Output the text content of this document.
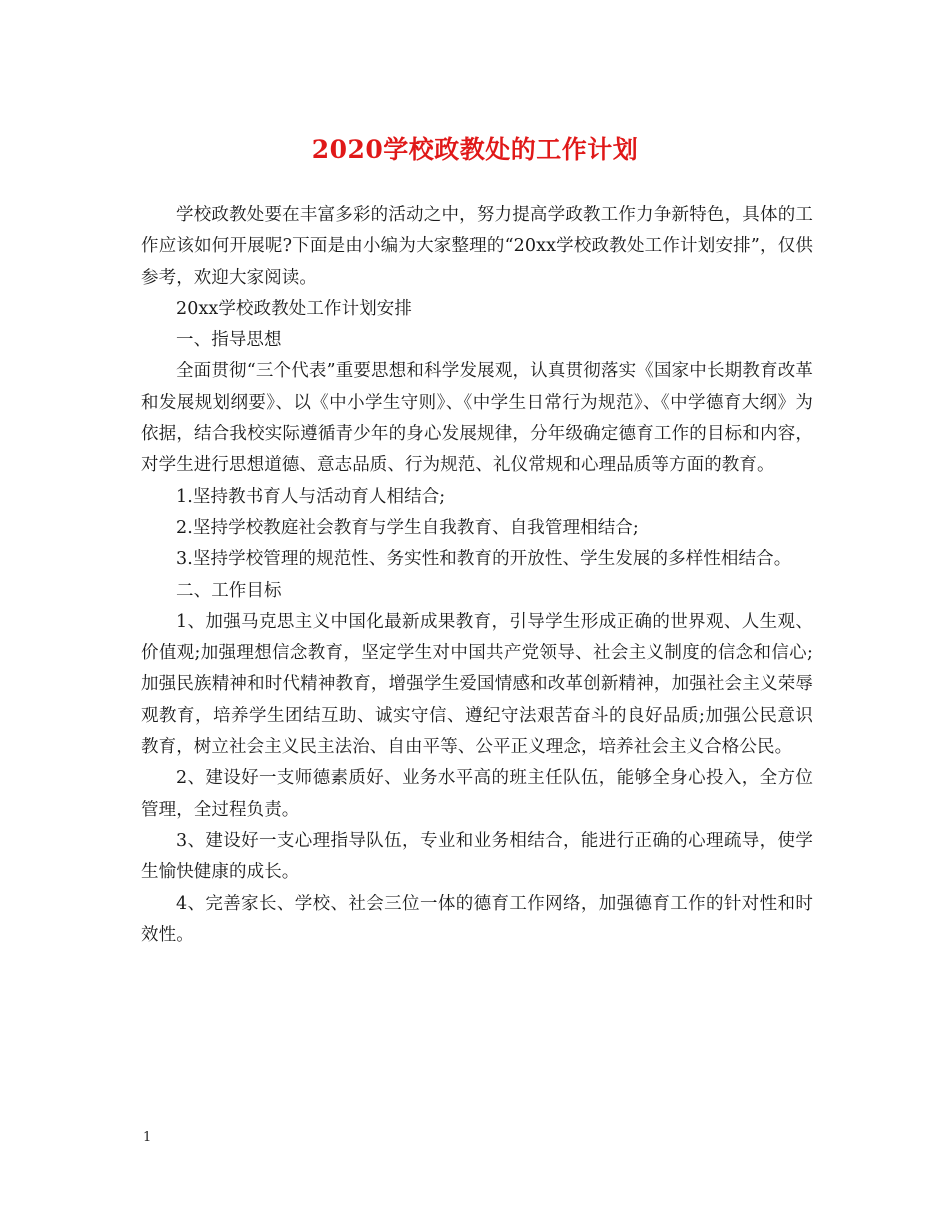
2020学校政教处的工作计划

学校政教处要在丰富多彩的活动之中，努力提高学政教工作力争新特色，具体的工作应该如何开展呢?下面是由小编为大家整理的“20xx学校政教处工作计划安排”，仅供参考，欢迎大家阅读。

20xx学校政教处工作计划安排

一、指导思想

全面贯彻“三个代表”重要思想和科学发展观，认真贯彻落实《国家中长期教育改革和发展规划纲要》、以《中小学生守则》、《中学生日常行为规范》、《中学德育大纲》为依据，结合我校实际遵循青少年的身心发展规律，分年级确定德育工作的目标和内容，对学生进行思想道德、意志品质、行为规范、礼仪常规和心理品质等方面的教育。

1.坚持教书育人与活动育人相结合;

2.坚持学校教庭社会教育与学生自我教育、自我管理相结合;

3.坚持学校管理的规范性、务实性和教育的开放性、学生发展的多样性相结合。

二、工作目标

1、加强马克思主义中国化最新成果教育，引导学生形成正确的世界观、人生观、价值观;加强理想信念教育，坚定学生对中国共产党领导、社会主义制度的信念和信心;加强民族精神和时代精神教育，增强学生爱国情感和改革创新精神，加强社会主义荣辱观教育，培养学生团结互助、诚实守信、遵纪守法艰苦奋斗的良好品质;加强公民意识教育，树立社会主义民主法治、自由平等、公平正义理念，培养社会主义合格公民。

2、建设好一支师德素质好、业务水平高的班主任队伍，能够全身心投入，全方位管理，全过程负责。

3、建设好一支心理指导队伍，专业和业务相结合，能进行正确的心理疏导，使学生愉快健康的成长。

4、完善家长、学校、社会三位一体的德育工作网络，加强德育工作的针对性和时效性。

1
